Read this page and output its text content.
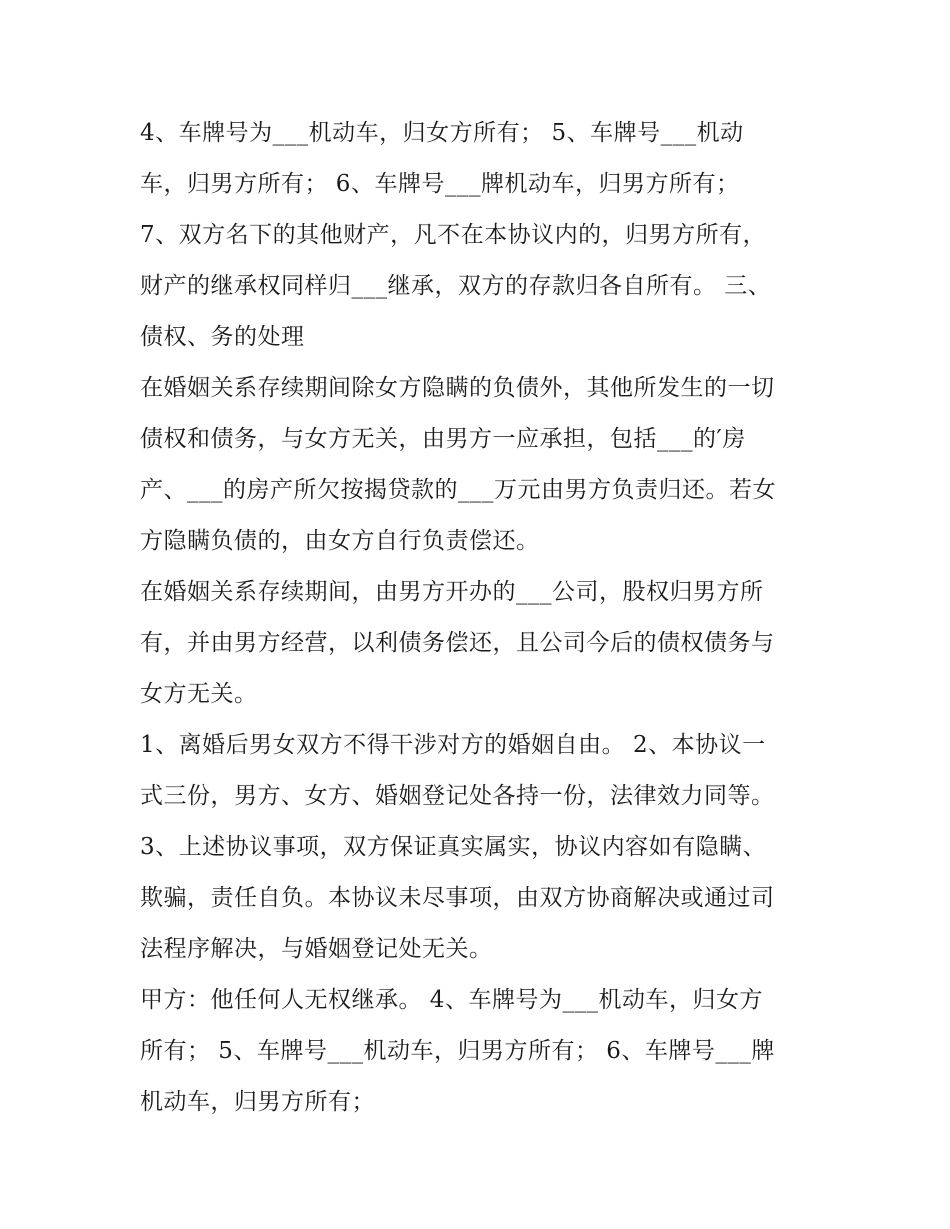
4、车牌号为___机动车，归女方所有； 5、车牌号___机动
车，归男方所有； 6、车牌号___牌机动车，归男方所有；
7、双方名下的其他财产，凡不在本协议内的，归男方所有，
财产的继承权同样归___继承，双方的存款归各自所有。 三、
债权、务的处理
在婚姻关系存续期间除女方隐瞒的负债外，其他所发生的一切
债权和债务，与女方无关，由男方一应承担，包括___的′房
产、___的房产所欠按揭贷款的___万元由男方负责归还。若女
方隐瞒负债的，由女方自行负责偿还。
在婚姻关系存续期间，由男方开办的___公司，股权归男方所
有，并由男方经营，以利债务偿还，且公司今后的债权债务与
女方无关。
1、离婚后男女双方不得干涉对方的婚姻自由。 2、本协议一
式三份，男方、女方、婚姻登记处各持一份，法律效力同等。
3、上述协议事项，双方保证真实属实，协议内容如有隐瞒、
欺骗，责任自负。本协议未尽事项，由双方协商解决或通过司
法程序解决，与婚姻登记处无关。
甲方：他任何人无权继承。 4、车牌号为___机动车，归女方
所有； 5、车牌号___机动车，归男方所有； 6、车牌号___牌
机动车，归男方所有；
